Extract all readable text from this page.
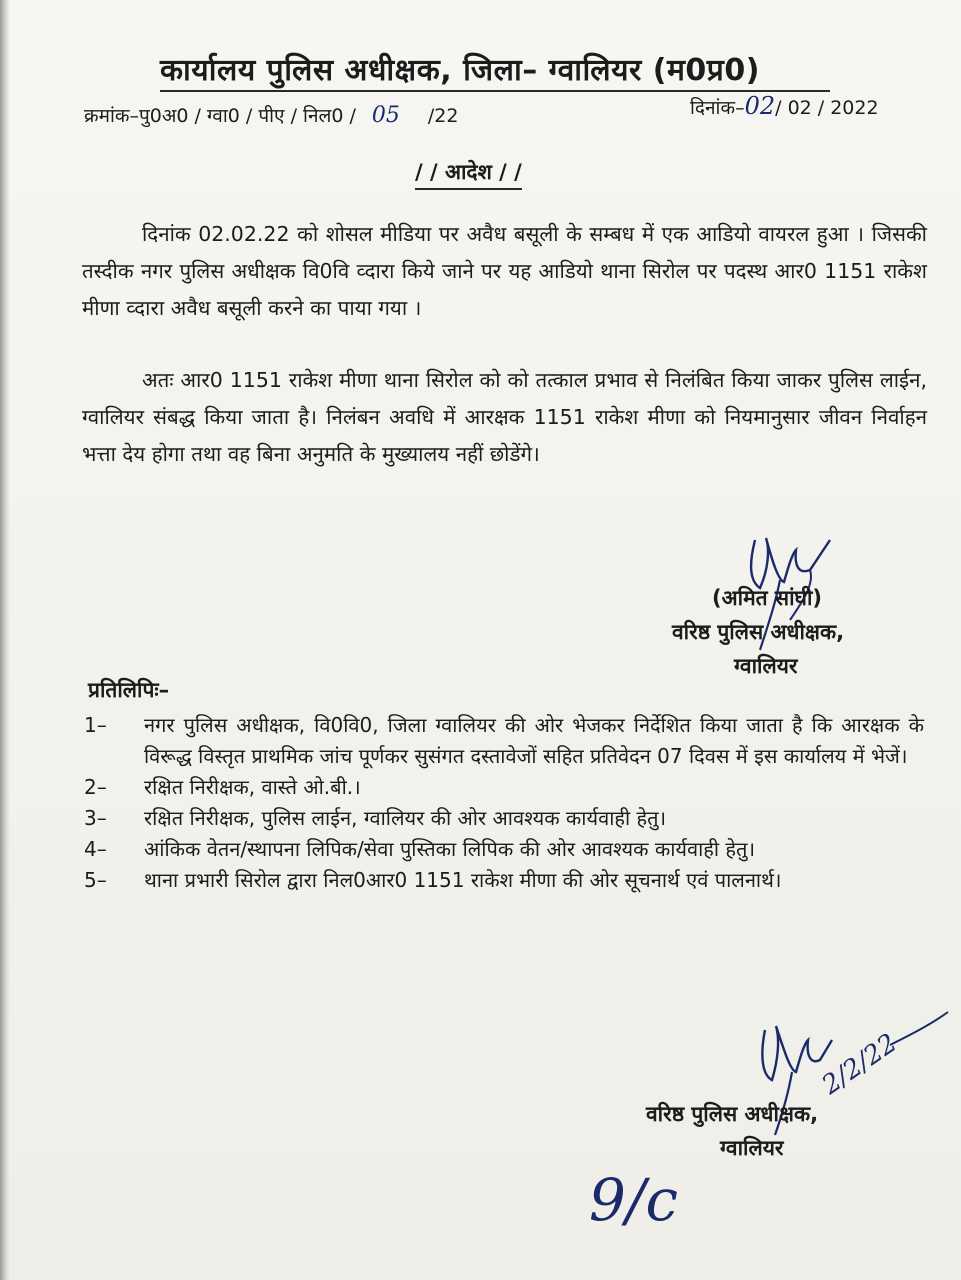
कार्यालय पुलिस अधीक्षक, जिला– ग्वालियर (म0प्र0)
क्रमांक–पु0अ0 / ग्वा0 / पीए / निल0 / 05 /22	दिनांक–02/ 02 / 2022
/ / आदेश / /
दिनांक 02.02.22 को शोसल मीडिया पर अवैध बसूली के सम्बध में एक आडियो वायरल हुआ । जिसकी तस्दीक नगर पुलिस अधीक्षक वि0वि व्दारा किये जाने पर यह आडियो थाना सिरोल पर पदस्थ आर0 1151 राकेश मीणा व्दारा अवैध बसूली करने का पाया गया ।
अतः आर0 1151 राकेश मीणा थाना सिरोल को को तत्काल प्रभाव से निलंबित किया जाकर पुलिस लाईन, ग्वालियर संबद्ध किया जाता है। निलंबन अवधि में आरक्षक 1151 राकेश मीणा को नियमानुसार जीवन निर्वाहन भत्ता देय होगा तथा वह बिना अनुमति के मुख्यालय नहीं छोडेंगे।
(अमित सांघी)
वरिष्ठ पुलिस अधीक्षक,
ग्वालियर
प्रतिलिपिः–
1–	नगर पुलिस अधीक्षक, वि0वि0, जिला ग्वालियर की ओर भेजकर निर्देशित किया जाता है कि आरक्षक के विरूद्ध विस्तृत प्राथमिक जांच पूर्णकर सुसंगत दस्तावेजों सहित प्रतिवेदन 07 दिवस में इस कार्यालय में भेजें।
2–	रक्षित निरीक्षक, वास्ते ओ.बी.।
3–	रक्षित निरीक्षक, पुलिस लाईन, ग्वालियर की ओर आवश्यक कार्यवाही हेतु।
4–	आंकिक वेतन/स्थापना लिपिक/सेवा पुस्तिका लिपिक की ओर आवश्यक कार्यवाही हेतु।
5–	थाना प्रभारी सिरोल द्वारा निल0आर0 1151 राकेश मीणा की ओर सूचनार्थ एवं पालनार्थ।
2/2/22
वरिष्ठ पुलिस अधीक्षक,
ग्वालियर
9/c
